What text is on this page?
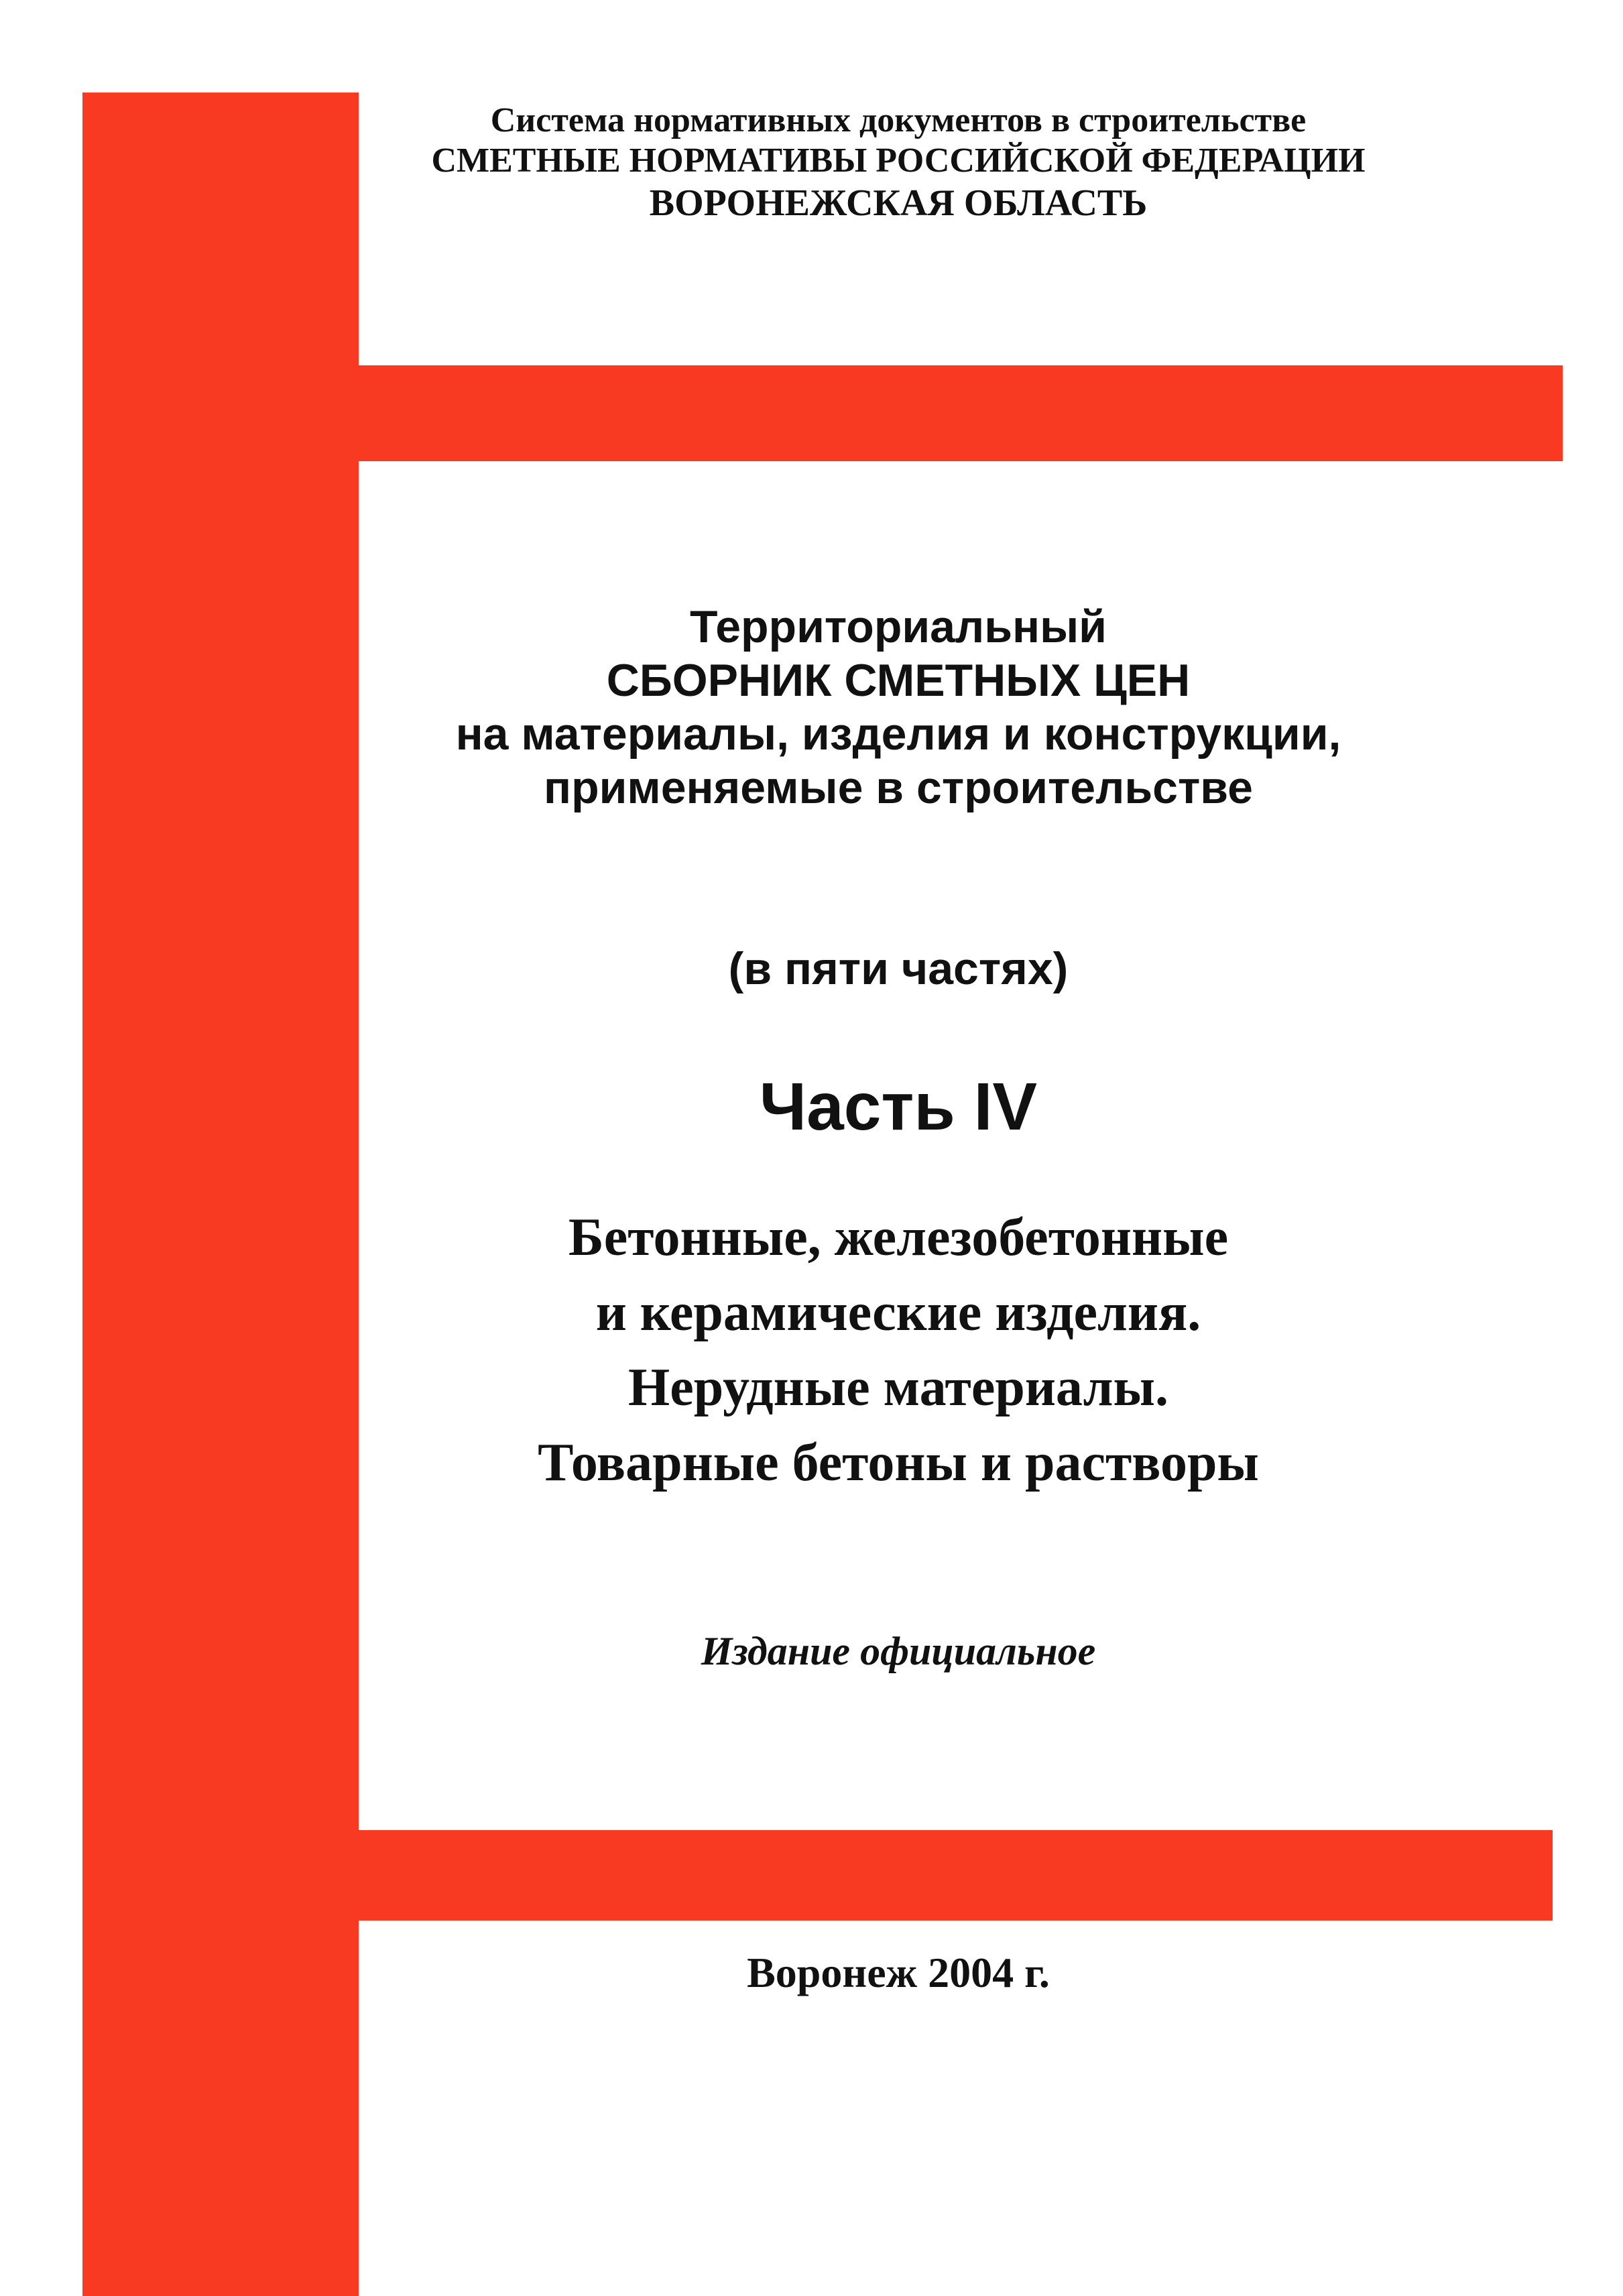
Система нормативных документов в строительстве
СМЕТНЫЕ НОРМАТИВЫ РОССИЙСКОЙ ФЕДЕРАЦИИ
ВОРОНЕЖСКАЯ ОБЛАСТЬ
Территориальный
СБОРНИК СМЕТНЫХ ЦЕН
на материалы, изделия и конструкции,
применяемые в строительстве
(в пяти частях)
Часть IV
Бетонные, железобетонные
и керамические изделия.
Нерудные материалы.
Товарные бетоны и растворы
Издание официальное
Воронеж 2004 г.
